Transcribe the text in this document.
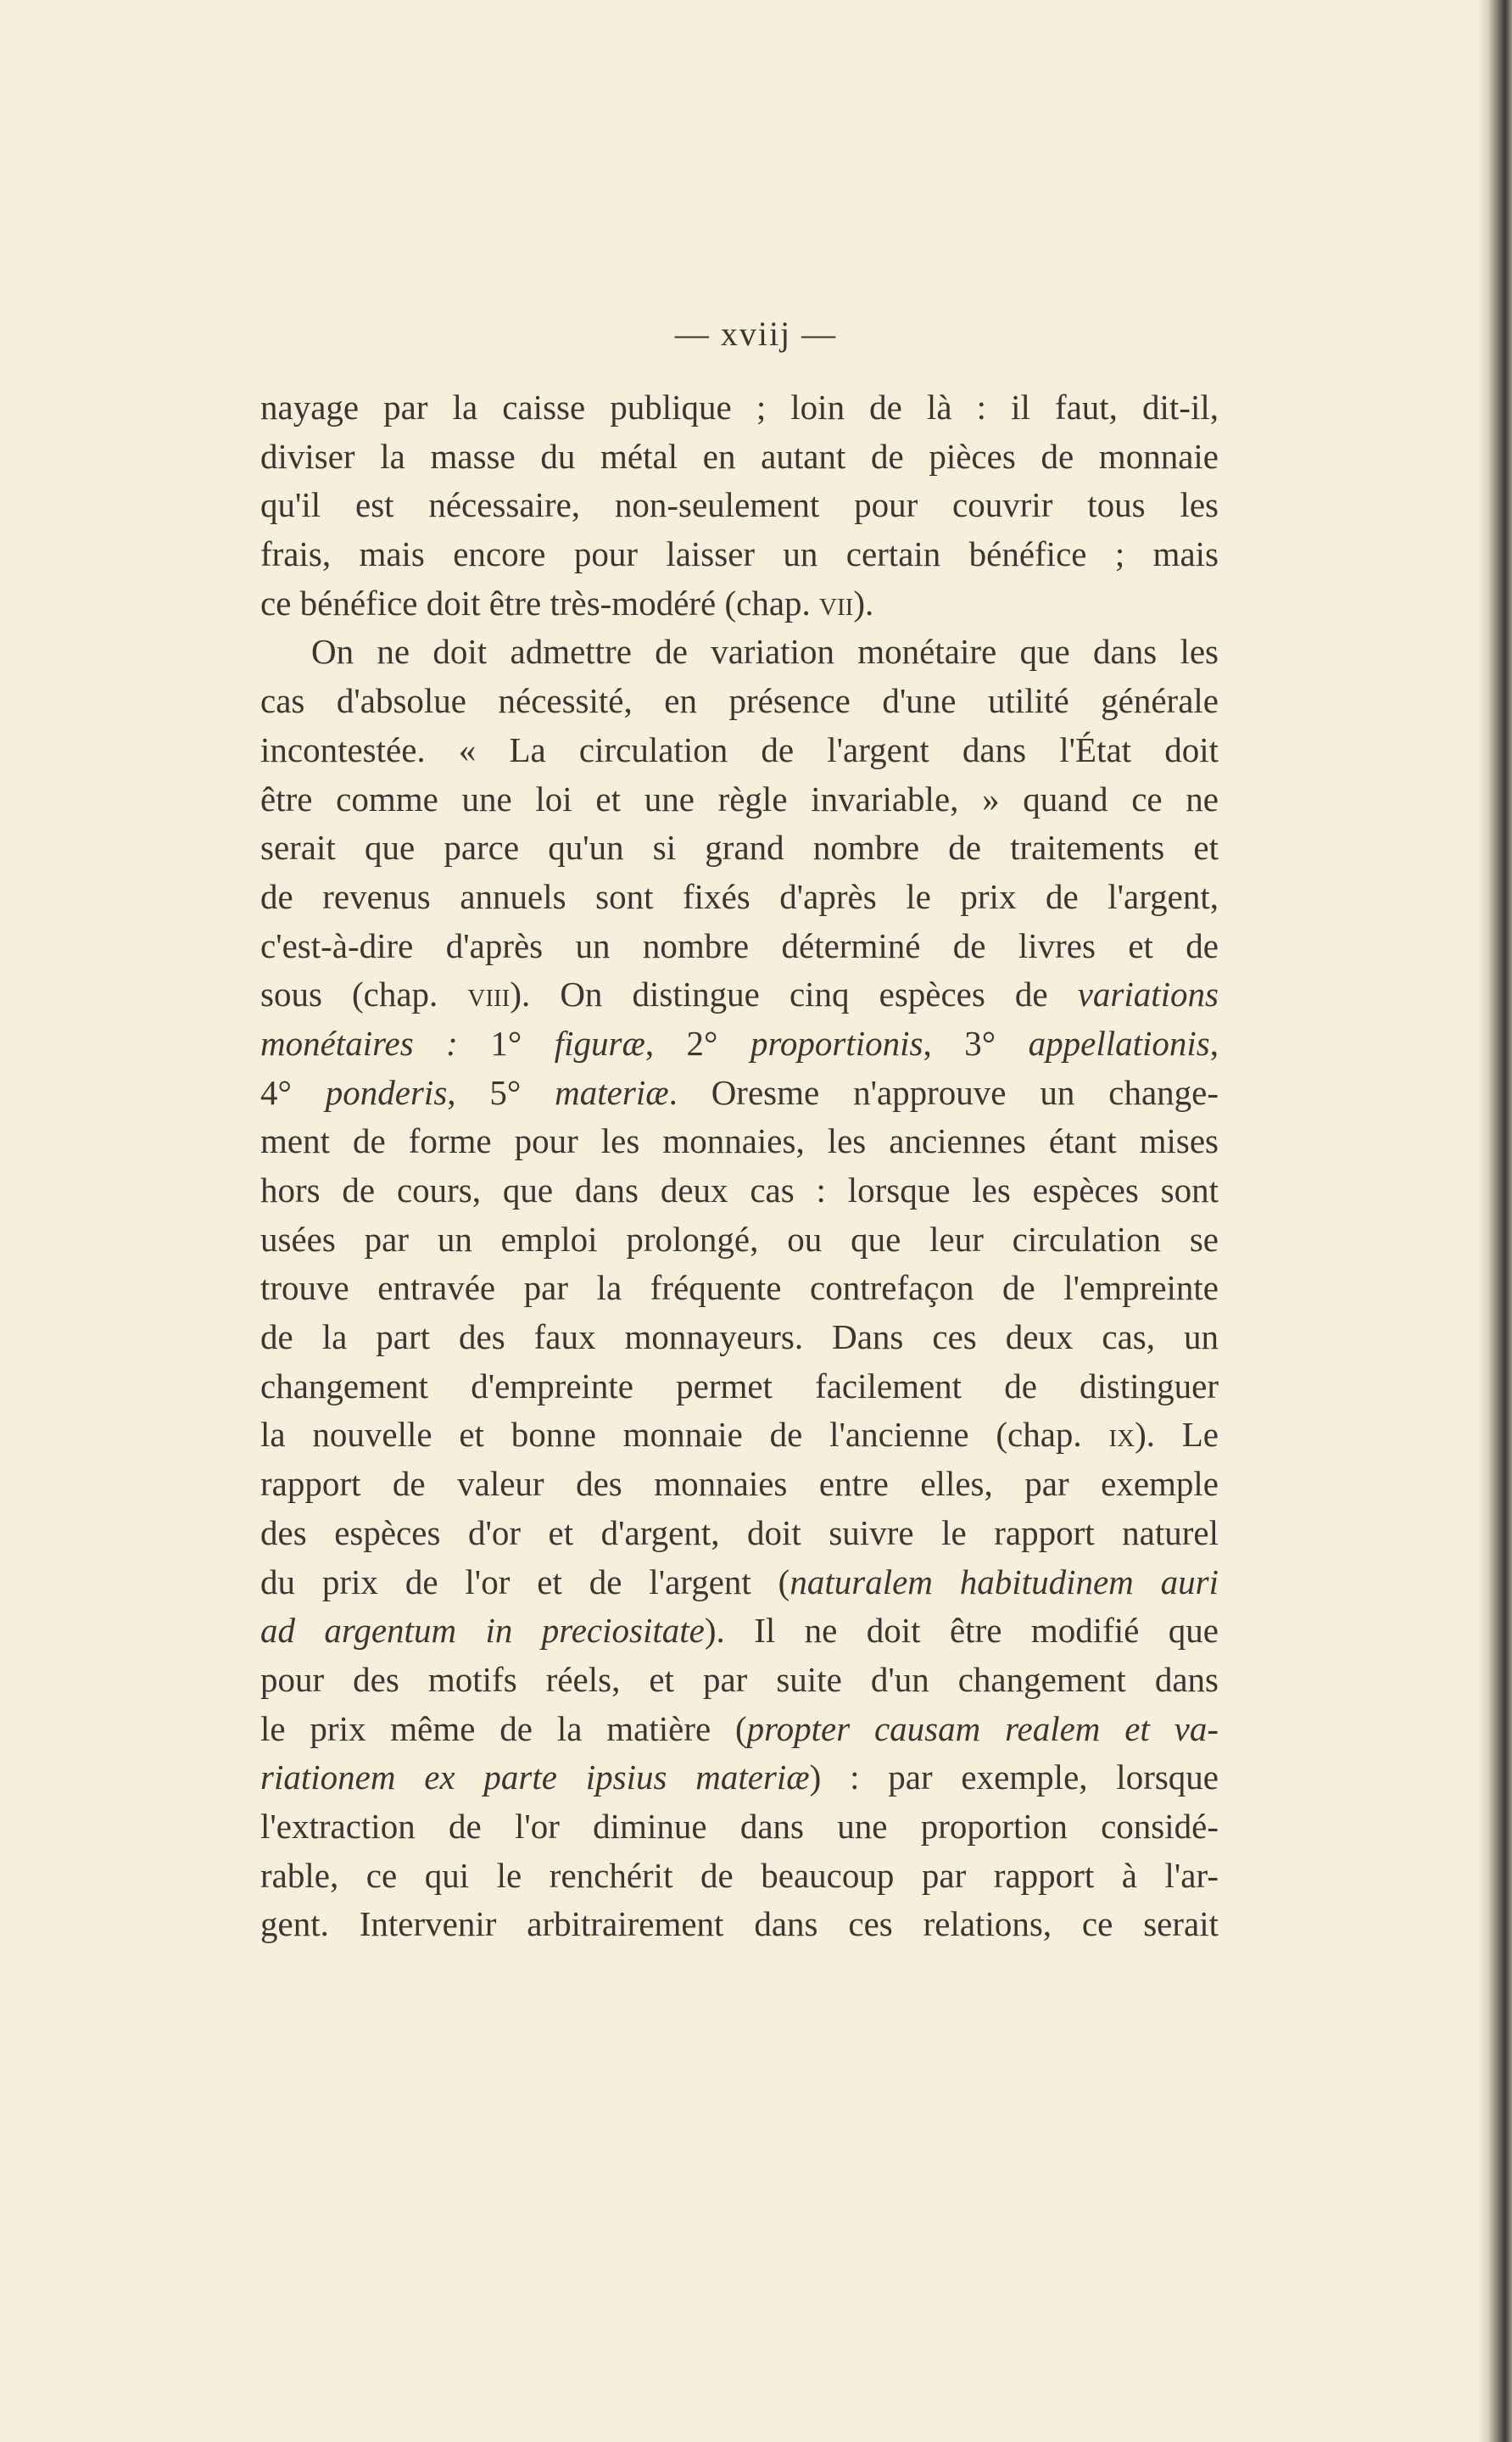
— xviij —
nayage par la caisse publique ; loin de là : il faut, dit-il,
diviser la masse du métal en autant de pièces de monnaie
qu'il est nécessaire, non-seulement pour couvrir tous les
frais, mais encore pour laisser un certain bénéfice ; mais
ce bénéfice doit être très-modéré (chap. vii).
On ne doit admettre de variation monétaire que dans les
cas d'absolue nécessité, en présence d'une utilité générale
incontestée. « La circulation de l'argent dans l'État doit
être comme une loi et une règle invariable, » quand ce ne
serait que parce qu'un si grand nombre de traitements et
de revenus annuels sont fixés d'après le prix de l'argent,
c'est-à-dire d'après un nombre déterminé de livres et de
sous (chap. viii). On distingue cinq espèces de variations
monétaires : 1° figuræ, 2° proportionis, 3° appellationis,
4° ponderis, 5° materiæ. Oresme n'approuve un change-
ment de forme pour les monnaies, les anciennes étant mises
hors de cours, que dans deux cas : lorsque les espèces sont
usées par un emploi prolongé, ou que leur circulation se
trouve entravée par la fréquente contrefaçon de l'empreinte
de la part des faux monnayeurs. Dans ces deux cas, un
changement d'empreinte permet facilement de distinguer
la nouvelle et bonne monnaie de l'ancienne (chap. ix). Le
rapport de valeur des monnaies entre elles, par exemple
des espèces d'or et d'argent, doit suivre le rapport naturel
du prix de l'or et de l'argent (naturalem habitudinem auri
ad argentum in preciositate). Il ne doit être modifié que
pour des motifs réels, et par suite d'un changement dans
le prix même de la matière (propter causam realem et va-
riationem ex parte ipsius materiæ) : par exemple, lorsque
l'extraction de l'or diminue dans une proportion considé-
rable, ce qui le renchérit de beaucoup par rapport à l'ar-
gent. Intervenir arbitrairement dans ces relations, ce serait
